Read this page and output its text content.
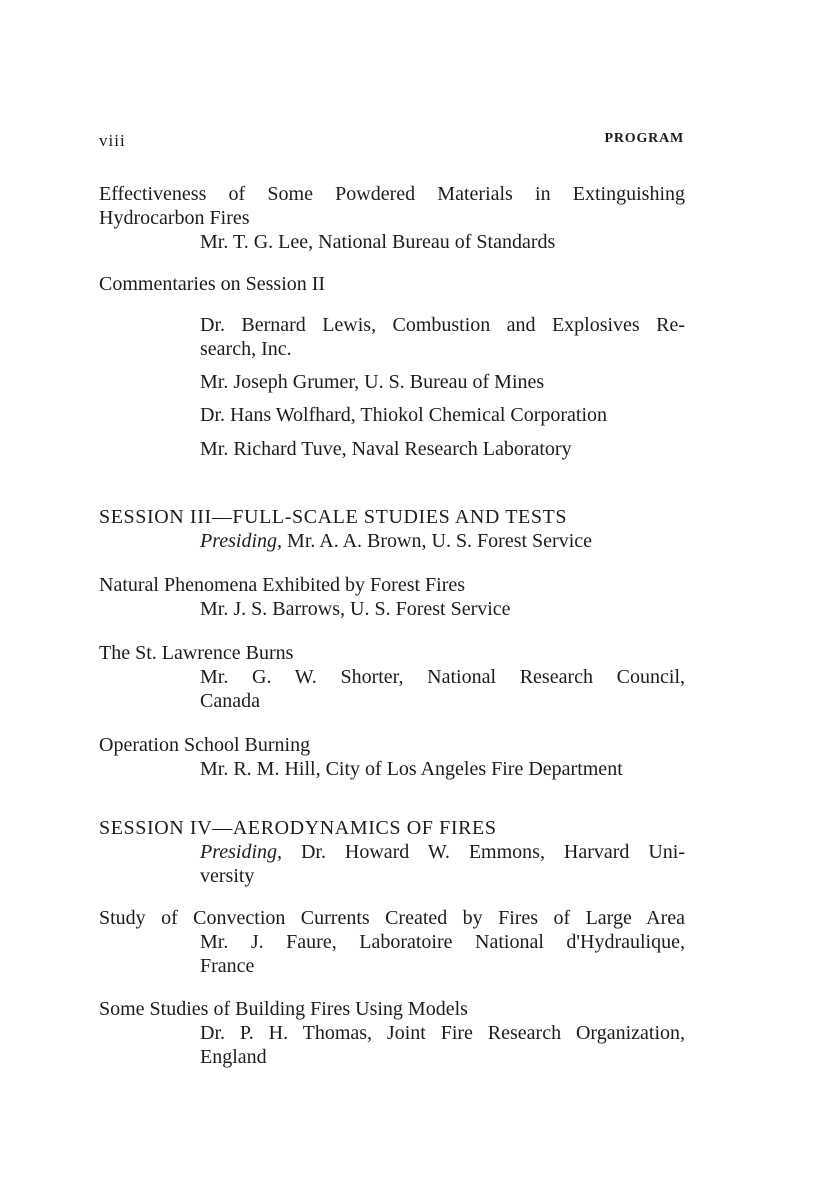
viii	PROGRAM
Effectiveness of Some Powdered Materials in Extinguishing
Hydrocarbon Fires
Mr. T. G. Lee, National Bureau of Standards
Commentaries on Session II
Dr. Bernard Lewis, Combustion and Explosives Re-
search, Inc.
Mr. Joseph Grumer, U. S. Bureau of Mines
Dr. Hans Wolfhard, Thiokol Chemical Corporation
Mr. Richard Tuve, Naval Research Laboratory
SESSION III—FULL-SCALE STUDIES AND TESTS
Presiding, Mr. A. A. Brown, U. S. Forest Service
Natural Phenomena Exhibited by Forest Fires
Mr. J. S. Barrows, U. S. Forest Service
The St. Lawrence Burns
Mr. G. W. Shorter, National Research Council,
Canada
Operation School Burning
Mr. R. M. Hill, City of Los Angeles Fire Department
SESSION IV—AERODYNAMICS OF FIRES
Presiding, Dr. Howard W. Emmons, Harvard Uni-
versity
Study of Convection Currents Created by Fires of Large Area
Mr. J. Faure, Laboratoire National d'Hydraulique,
France
Some Studies of Building Fires Using Models
Dr. P. H. Thomas, Joint Fire Research Organization,
England
